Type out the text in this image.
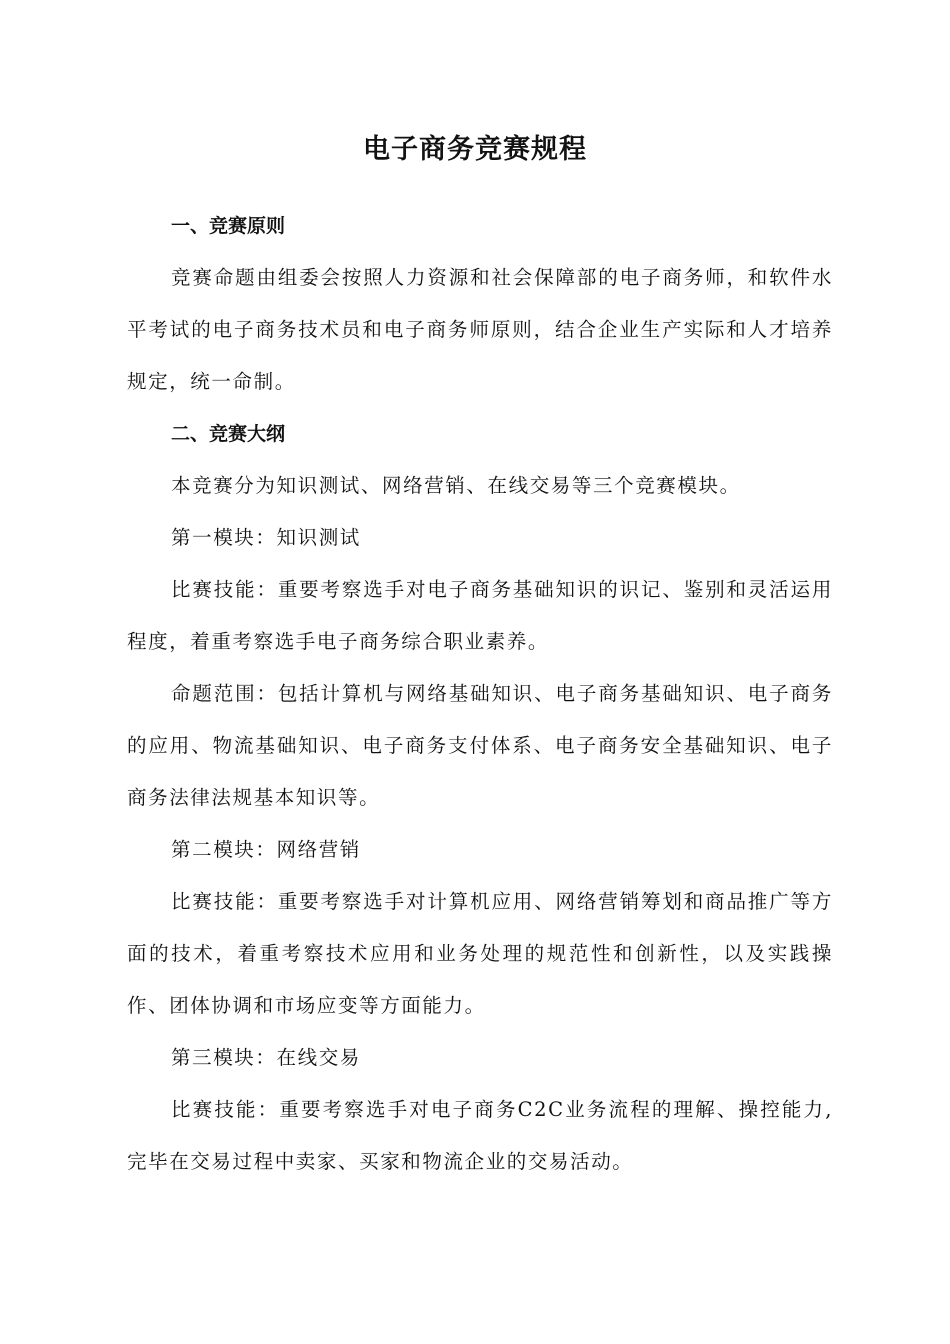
电子商务竞赛规程
一、竞赛原则

竞赛命题由组委会按照人力资源和社会保障部的电子商务师，和软件水平考试的电子商务技术员和电子商务师原则，结合企业生产实际和人才培养规定，统一命制。

二、竞赛大纲

本竞赛分为知识测试、网络营销、在线交易等三个竞赛模块。

第一模块：知识测试

比赛技能：重要考察选手对电子商务基础知识的识记、鉴别和灵活运用程度，着重考察选手电子商务综合职业素养。

命题范围：包括计算机与网络基础知识、电子商务基础知识、电子商务的应用、物流基础知识、电子商务支付体系、电子商务安全基础知识、电子商务法律法规基本知识等。

第二模块：网络营销

比赛技能：重要考察选手对计算机应用、网络营销筹划和商品推广等方面的技术，着重考察技术应用和业务处理的规范性和创新性，以及实践操作、团体协调和市场应变等方面能力。

第三模块：在线交易

比赛技能：重要考察选手对电子商务C2C业务流程的理解、操控能力,完毕在交易过程中卖家、买家和物流企业的交易活动。
